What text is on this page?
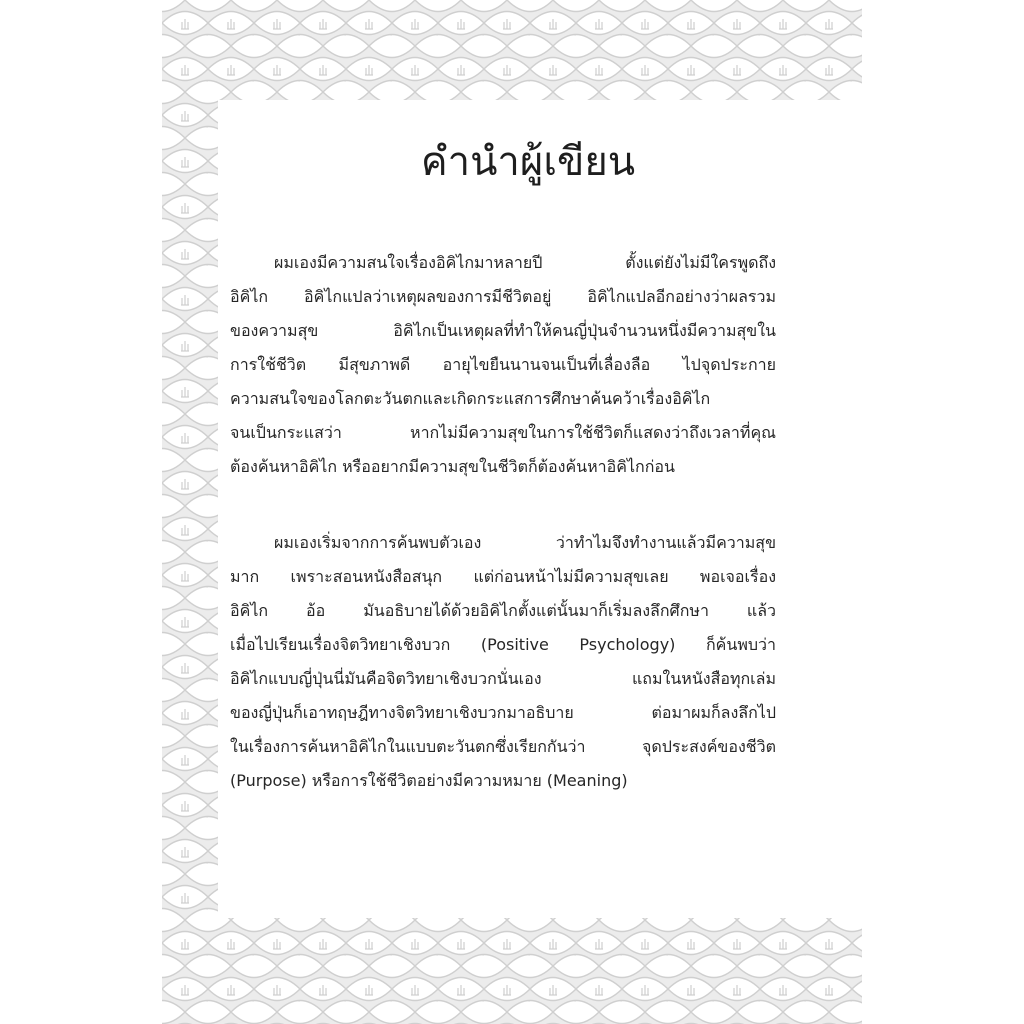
คำนำผู้เขียน
ผมเองมีความสนใจเรื่องอิคิไกมาหลายปี ตั้งแต่ยังไม่มีใครพูดถึง
อิคิไก อิคิไกแปลว่าเหตุผลของการมีชีวิตอยู่ อิคิไกแปลอีกอย่างว่าผลรวม
ของความสุข อิคิไกเป็นเหตุผลที่ทำให้คนญี่ปุ่นจำนวนหนึ่งมีความสุขใน
การใช้ชีวิต มีสุขภาพดี อายุไขยืนนานจนเป็นที่เลื่องลือ ไปจุดประกาย
ความสนใจของโลกตะวันตกและเกิดกระแสการศึกษาค้นคว้าเรื่องอิคิไก
จนเป็นกระแสว่า หากไม่มีความสุขในการใช้ชีวิตก็แสดงว่าถึงเวลาที่คุณ
ต้องค้นหาอิคิไก หรืออยากมีความสุขในชีวิตก็ต้องค้นหาอิคิไกก่อน
ผมเองเริ่มจากการค้นพบตัวเอง ว่าทำไมจึงทำงานแล้วมีความสุข
มาก เพราะสอนหนังสือสนุก แต่ก่อนหน้าไม่มีความสุขเลย พอเจอเรื่อง
อิคิไก อ้อ มันอธิบายได้ด้วยอิคิไกตั้งแต่นั้นมาก็เริ่มลงลึกศึกษา แล้ว
เมื่อไปเรียนเรื่องจิตวิทยาเชิงบวก (Positive Psychology) ก็ค้นพบว่า
อิคิไกแบบญี่ปุ่นนี่มันคือจิตวิทยาเชิงบวกนั่นเอง แถมในหนังสือทุกเล่ม
ของญี่ปุ่นก็เอาทฤษฎีทางจิตวิทยาเชิงบวกมาอธิบาย ต่อมาผมก็ลงลึกไป
ในเรื่องการค้นหาอิคิไกในแบบตะวันตกซึ่งเรียกกันว่า จุดประสงค์ของชีวิต
(Purpose) หรือการใช้ชีวิตอย่างมีความหมาย (Meaning)
